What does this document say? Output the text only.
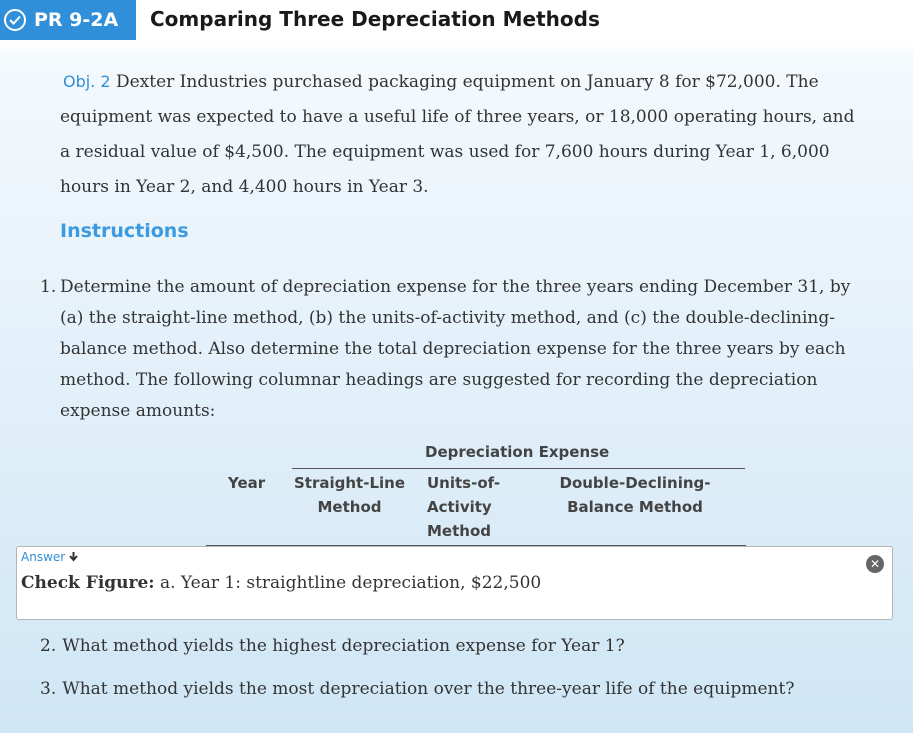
PR 9-2A Comparing Three Depreciation Methods
Obj. 2 Dexter Industries purchased packaging equipment on January 8 for $72,000. The
equipment was expected to have a useful life of three years, or 18,000 operating hours, and
a residual value of $4,500. The equipment was used for 7,600 hours during Year 1, 6,000
hours in Year 2, and 4,400 hours in Year 3.
Instructions
1. Determine the amount of depreciation expense for the three years ending December 31, by
(a) the straight-line method, (b) the units-of-activity method, and (c) the double-declining-
balance method. Also determine the total depreciation expense for the three years by each
method. The following columnar headings are suggested for recording the depreciation
expense amounts:
Depreciation Expense
Year Straight-Line
Method
Units-of-
Activity
Method
Double-Declining-
Balance Method
Answer	✕
Check Figure: a. Year 1: straightline depreciation, $22,500
2. What method yields the highest depreciation expense for Year 1?
3. What method yields the most depreciation over the three-year life of the equipment?
